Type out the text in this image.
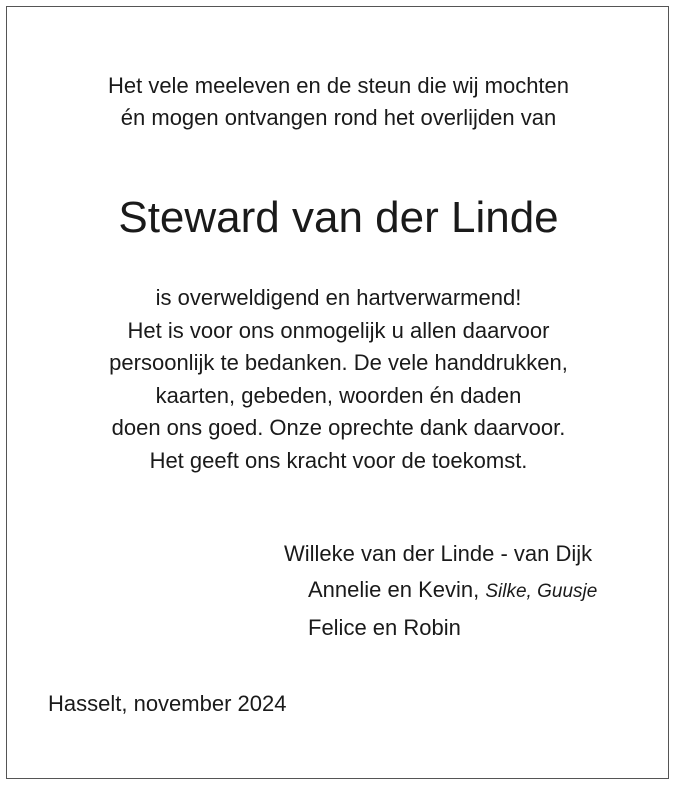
Het vele meeleven en de steun die wij mochten
én mogen ontvangen rond het overlijden van
Steward van der Linde
is overweldigend en hartverwarmend!
Het is voor ons onmogelijk u allen daarvoor
persoonlijk te bedanken. De vele handdrukken,
kaarten, gebeden, woorden én daden
doen ons goed. Onze oprechte dank daarvoor.
Het geeft ons kracht voor de toekomst.
Willeke van der Linde - van Dijk
Annelie en Kevin, Silke, Guusje
Felice en Robin
Hasselt, november 2024
